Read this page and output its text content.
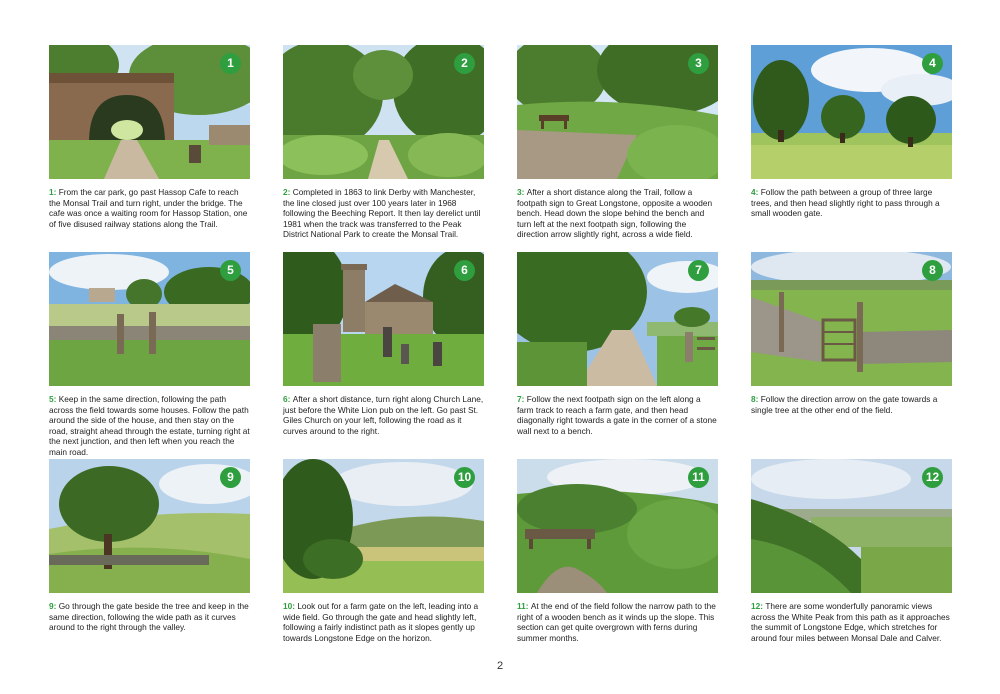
1

1: From the car park, go past Hassop Cafe to reach the Monsal Trail and turn right, under the bridge. The cafe was once a waiting room for Hassop Station, one of five disused railway stations along the Trail.

2

2: Completed in 1863 to link Derby with Manchester, the line closed just over 100 years later in 1968 following the Beeching Report. It then lay derelict until 1981 when the track was transferred to the Peak District National Park to create the Monsal Trail.

3

3: After a short distance along the Trail, follow a footpath sign to Great Longstone, opposite a wooden bench. Head down the slope behind the bench and turn left at the next footpath sign, following the direction arrow slightly right, across a wide field.

4

4: Follow the path between a group of three large trees, and then head slightly right to pass through a small wooden gate.

5

5: Keep in the same direction, following the path across the field towards some houses. Follow the path around the side of the house, and then stay on the road, straight ahead through the estate, turning right at the next junction, and then left when you reach the main road.

6

6: After a short distance, turn right along Church Lane, just before the White Lion pub on the left. Go past St. Giles Church on your left, following the road as it curves around to the right.

7

7: Follow the next footpath sign on the left along a farm track to reach a farm gate, and then head diagonally right towards a gate in the corner of a stone wall next to a bench.

8

8: Follow the direction arrow on the gate towards a single tree at the other end of the field.

9

9: Go through the gate beside the tree and keep in the same direction, following the wide path as it curves around to the right through the valley.

10

10: Look out for a farm gate on the left, leading into a wide field. Go through the gate and head slightly left, following a fairly indistinct path as it slopes gently up towards Longstone Edge on the horizon.

11

11: At the end of the field follow the narrow path to the right of a wooden bench as it winds up the slope. This section can get quite overgrown with ferns during summer months.

12

12: There are some wonderfully panoramic views across the White Peak from this path as it approaches the summit of Longstone Edge, which stretches for around four miles between Monsal Dale and Calver.

2
